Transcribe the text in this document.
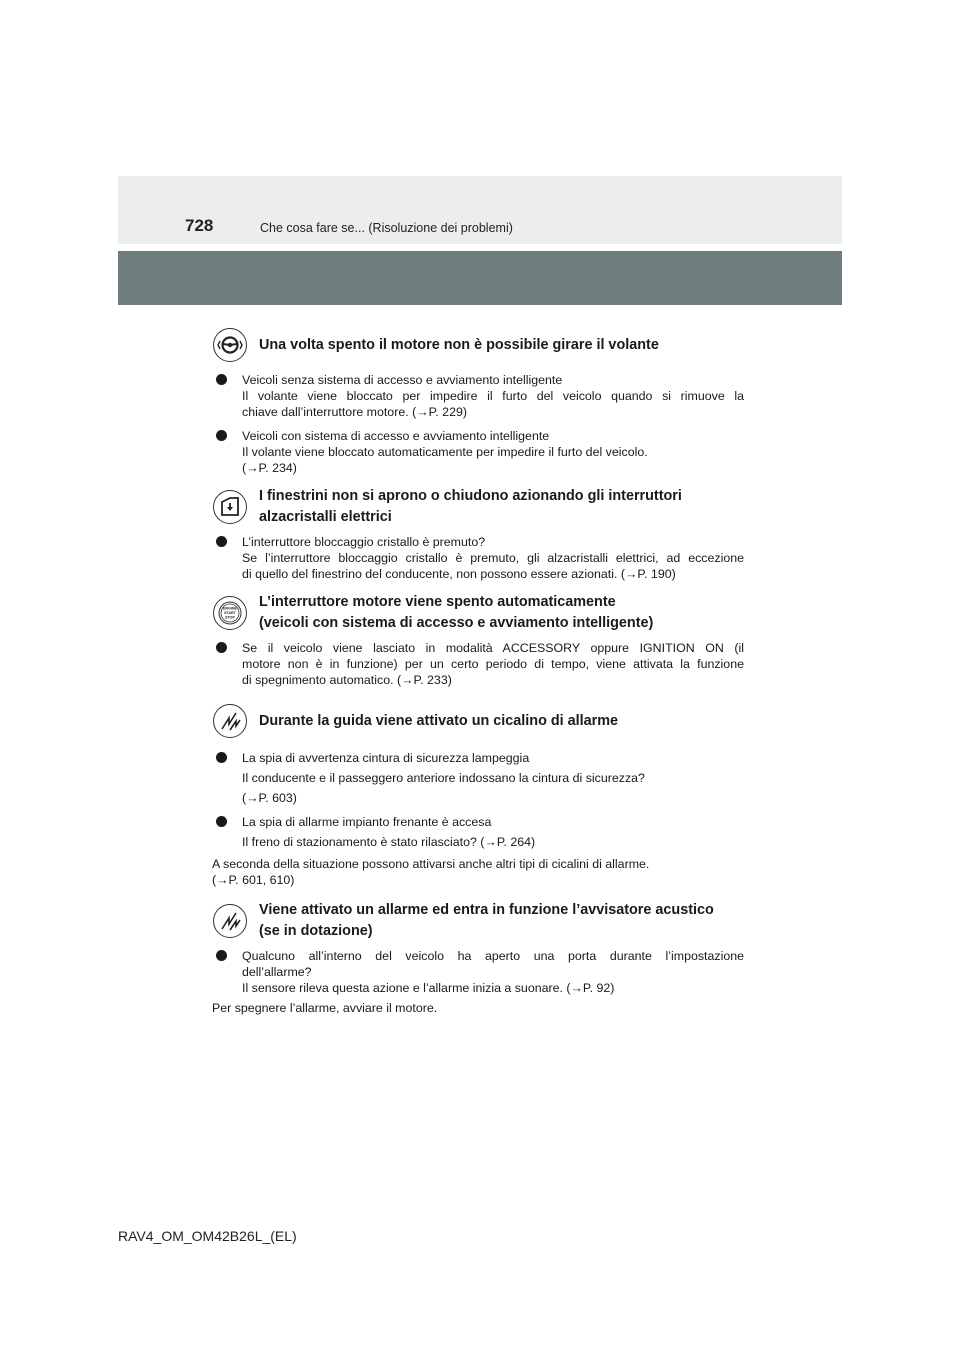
728	Che cosa fare se... (Risoluzione dei problemi)
Una volta spento il motore non è possibile girare il volante
Veicoli senza sistema di accesso e avviamento intelligente
Il volante viene bloccato per impedire il furto del veicolo quando si rimuove la
chiave dall’interruttore motore. (→P. 229)
Veicoli con sistema di accesso e avviamento intelligente
Il volante viene bloccato automaticamente per impedire il furto del veicolo.
(→P. 234)
I finestrini non si aprono o chiudono azionando gli interruttori
alzacristalli elettrici
L’interruttore bloccaggio cristallo è premuto?
Se l’interruttore bloccaggio cristallo è premuto, gli alzacristalli elettrici, ad eccezione
di quello del finestrino del conducente, non possono essere azionati. (→P. 190)
ENGINE
START
STOP
L’interruttore motore viene spento automaticamente
(veicoli con sistema di accesso e avviamento intelligente)
Se il veicolo viene lasciato in modalità ACCESSORY oppure IGNITION ON (il
motore non è in funzione) per un certo periodo di tempo, viene attivata la funzione
di spegnimento automatico. (→P. 233)
Durante la guida viene attivato un cicalino di allarme
La spia di avvertenza cintura di sicurezza lampeggia
Il conducente e il passeggero anteriore indossano la cintura di sicurezza?
(→P. 603)
La spia di allarme impianto frenante è accesa
Il freno di stazionamento è stato rilasciato? (→P. 264)
A seconda della situazione possono attivarsi anche altri tipi di cicalini di allarme.
(→P. 601, 610)
Viene attivato un allarme ed entra in funzione l’avvisatore acustico
(se in dotazione)
Qualcuno all’interno del veicolo ha aperto una porta durante l’impostazione
dell’allarme?
Il sensore rileva questa azione e l’allarme inizia a suonare. (→P. 92)
Per spegnere l’allarme, avviare il motore.
RAV4_OM_OM42B26L_(EL)
